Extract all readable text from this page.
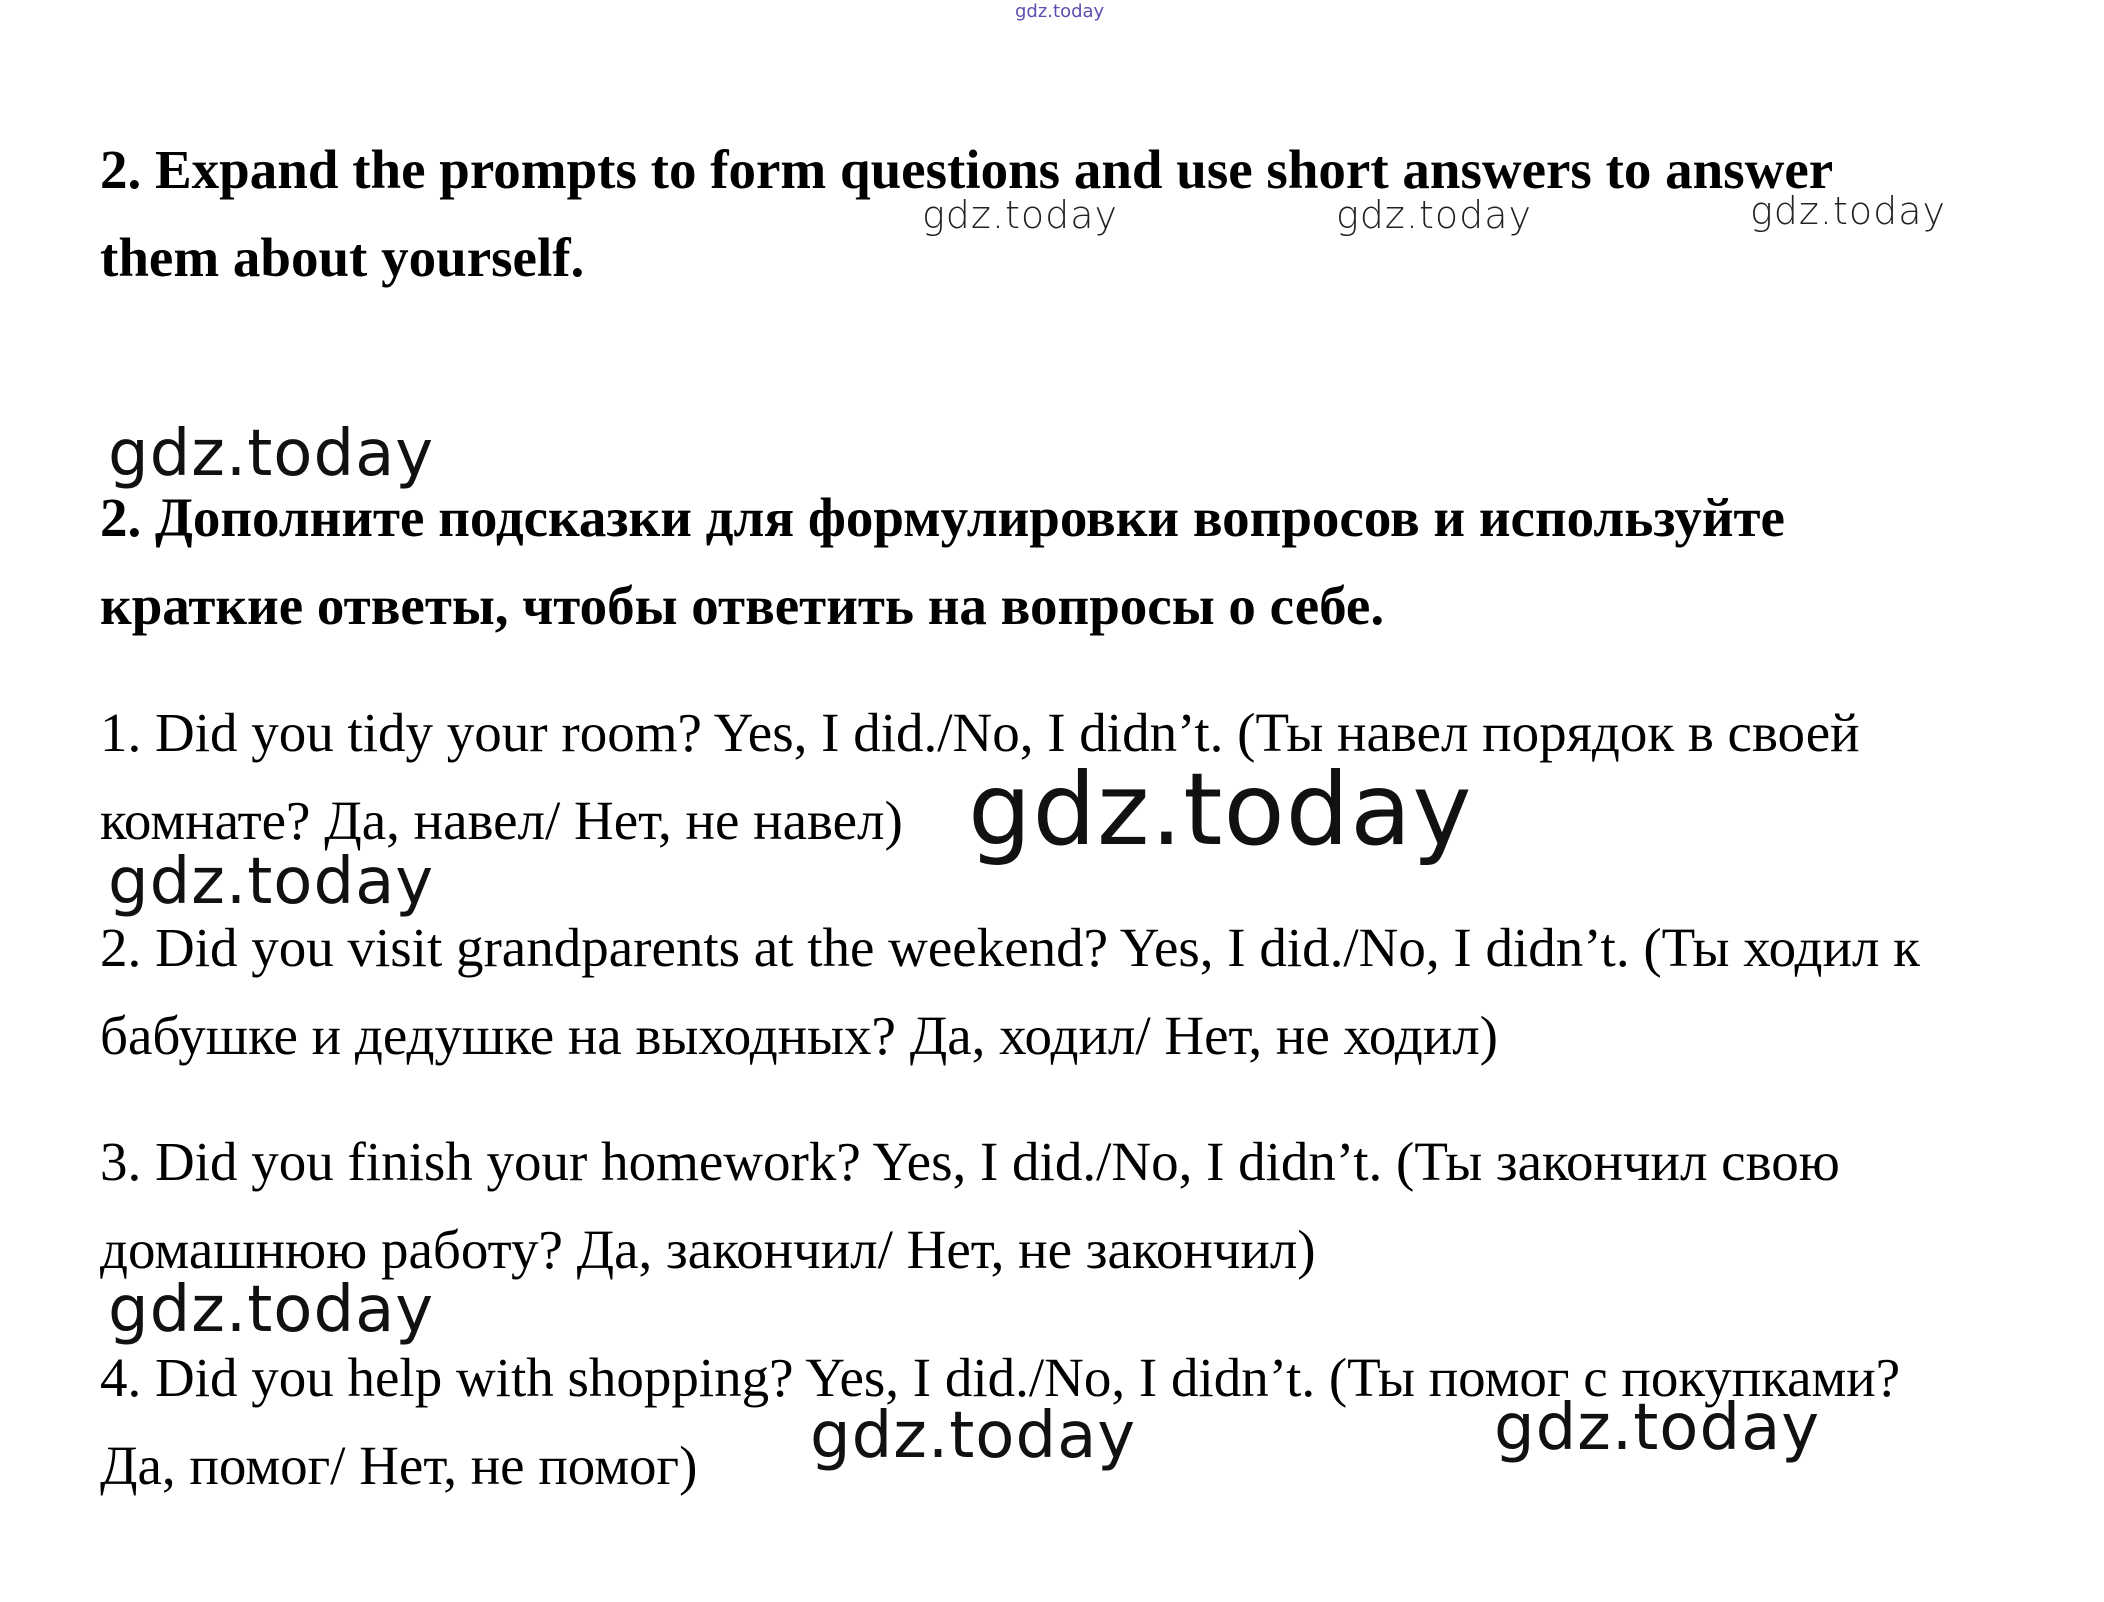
gdz.today

2. Expand the prompts to form questions and use short answers to answer

them about yourself.

gdz.today	gdz.today	gdz.today
gdz.today

2. Дополните подсказки для формулировки вопросов и используйте

краткие ответы, чтобы ответить на вопросы о себе.

1. Did you tidy your room? Yes, I did./No, I didn’t. (Ты навел порядок в своей

комнате? Да, навел/ Нет, не навел) gdz.today
gdz.today

2. Did you visit grandparents at the weekend? Yes, I did./No, I didn’t. (Ты ходил к

бабушке и дедушке на выходных? Да, ходил/ Нет, не ходил)

3. Did you finish your homework? Yes, I did./No, I didn’t. (Ты закончил свою

домашнюю работу? Да, закончил/ Нет, не закончил)

gdz.today

4. Did you help with shopping? Yes, I did./No, I didn’t. (Ты помог с покупками?

Да, помог/ Нет, не помог) gdz.today	gdz.today
